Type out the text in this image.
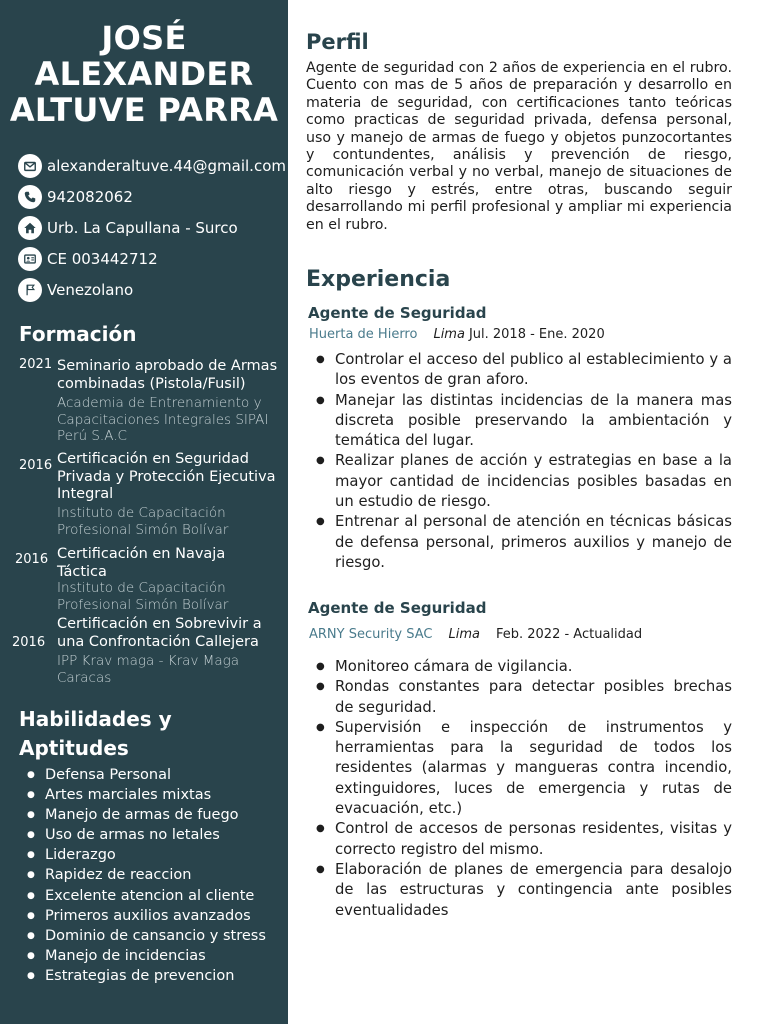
JOSÉ
ALEXANDER
ALTUVE PARRA
alexanderaltuve.44@gmail.com
942082062
Urb. La Capullana - Surco
CE 003442712
Venezolano
Formación
2021 Seminario aprobado de Armas combinadas (Pistola/Fusil)
Academia de Entrenamiento y Capacitaciones Integrales SIPAI Perú S.A.C
2016 Certificación en Seguridad Privada y Protección Ejecutiva Integral
Instituto de Capacitación Profesional Simón Bolívar
2016 Certificación en Navaja Táctica
Instituto de Capacitación Profesional Simón Bolívar
2016
Certificación en Sobrevivir a una Confrontación Callejera
IPP Krav maga - Krav Maga Caracas
Habilidades y
Aptitudes
● Defensa Personal
● Artes marciales mixtas
● Manejo de armas de fuego
● Uso de armas no letales
● Liderazgo
● Rapidez de reaccion
● Excelente atencion al cliente
● Primeros auxilios avanzados
● Dominio de cansancio y stress
● Manejo de incidencias
● Estrategias de prevencion
Perfil

Agente de seguridad con 2 años de experiencia en el rubro. Cuento con mas de 5 años de preparación y desarrollo en materia de seguridad, con certificaciones tanto teóricas como practicas de seguridad privada, defensa personal, uso y manejo de armas de fuego y objetos punzocortantes y contundentes, análisis y prevención de riesgo, comunicación verbal y no verbal, manejo de situaciones de alto riesgo y estrés, entre otras, buscando seguir desarrollando mi perfil profesional y ampliar mi experiencia en el rubro.

Experiencia
Agente de Seguridad
Huerta de Hierro Lima Jul. 2018 - Ene. 2020
● Controlar el acceso del publico al establecimiento y a los eventos de gran aforo.
● Manejar las distintas incidencias de la manera mas discreta posible preservando la ambientación y temática del lugar.
● Realizar planes de acción y estrategias en base a la mayor cantidad de incidencias posibles basadas en un estudio de riesgo.
● Entrenar al personal de atención en técnicas básicas de defensa personal, primeros auxilios y manejo de riesgo.
Agente de Seguridad
ARNY Security SAC Lima Feb. 2022 - Actualidad
● Monitoreo cámara de vigilancia.
● Rondas constantes para detectar posibles brechas de seguridad.
● Supervisión e inspección de instrumentos y herramientas para la seguridad de todos los residentes (alarmas y mangueras contra incendio, extinguidores, luces de emergencia y rutas de evacuación, etc.)
● Control de accesos de personas residentes, visitas y correcto registro del mismo.
● Elaboración de planes de emergencia para desalojo de las estructuras y contingencia ante posibles eventualidades
